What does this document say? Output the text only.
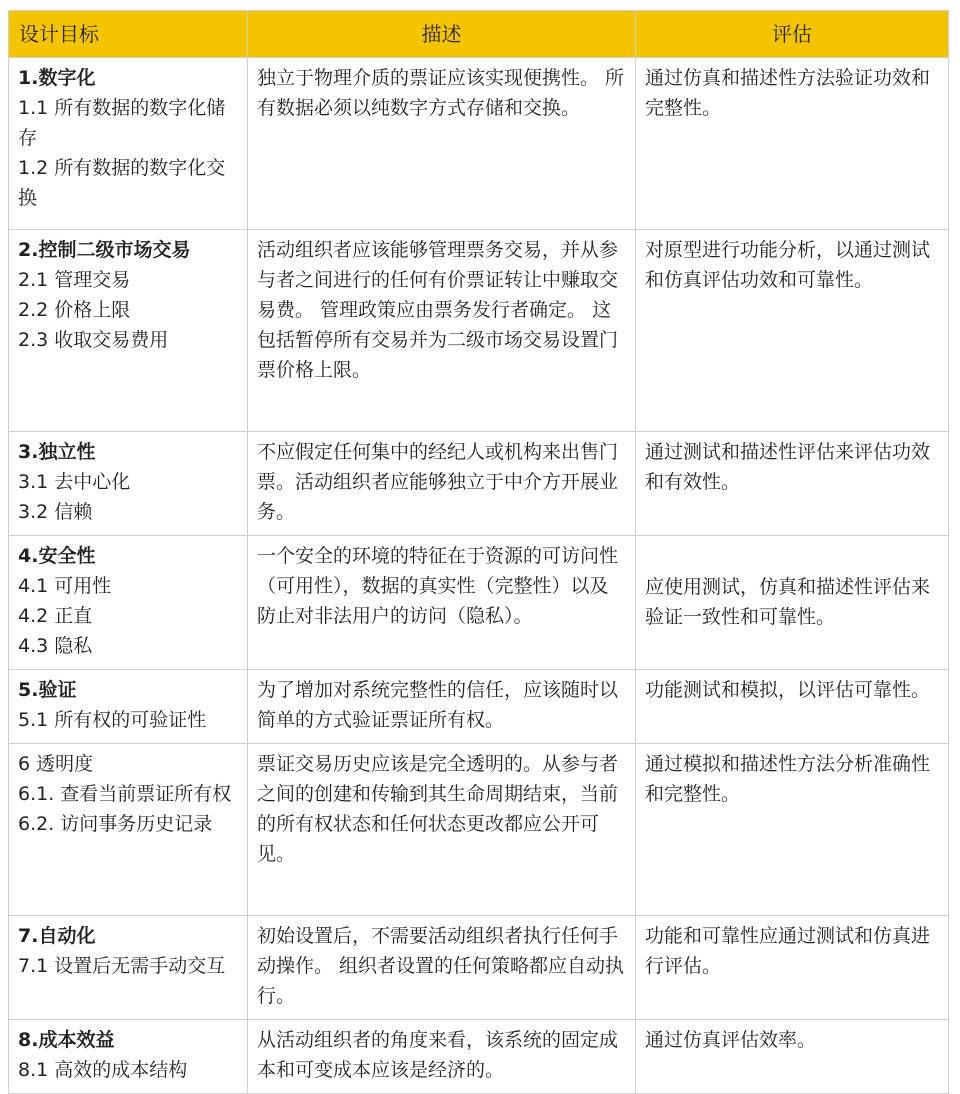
设计目标	描述	评估

1.数字化
1.1 所有数据的数字化储存
1.2 所有数据的数字化交换	独立于物理介质的票证应该实现便携性。 所有数据必须以纯数字方式存储和交换。	通过仿真和描述性方法验证功效和完整性。

2.控制二级市场交易
2.1 管理交易
2.2 价格上限
2.3 收取交易费用	活动组织者应该能够管理票务交易，并从参与者之间进行的任何有价票证转让中赚取交易费。 管理政策应由票务发行者确定。 这包括暂停所有交易并为二级市场交易设置门票价格上限。	对原型进行功能分析，以通过测试和仿真评估功效和可靠性。

3.独立性
3.1 去中心化
3.2 信赖	不应假定任何集中的经纪人或机构来出售门票。活动组织者应能够独立于中介方开展业务。	通过测试和描述性评估来评估功效和有效性。

4.安全性
4.1 可用性
4.2 正直
4.3 隐私	一个安全的环境的特征在于资源的可访问性（可用性），数据的真实性（完整性）以及防止对非法用户的访问（隐私）。	应使用测试，仿真和描述性评估来验证一致性和可靠性。

5.验证
5.1 所有权的可验证性	为了增加对系统完整性的信任，应该随时以简单的方式验证票证所有权。	功能测试和模拟，以评估可靠性。

6 透明度
6.1. 查看当前票证所有权
6.2. 访问事务历史记录	票证交易历史应该是完全透明的。从参与者之间的创建和传输到其生命周期结束，当前的所有权状态和任何状态更改都应公开可见。	通过模拟和描述性方法分析准确性和完整性。

7.自动化
7.1 设置后无需手动交互	初始设置后，不需要活动组织者执行任何手动操作。 组织者设置的任何策略都应自动执行。	功能和可靠性应通过测试和仿真进行评估。

8.成本效益
8.1 高效的成本结构	从活动组织者的角度来看，该系统的固定成本和可变成本应该是经济的。	通过仿真评估效率。
